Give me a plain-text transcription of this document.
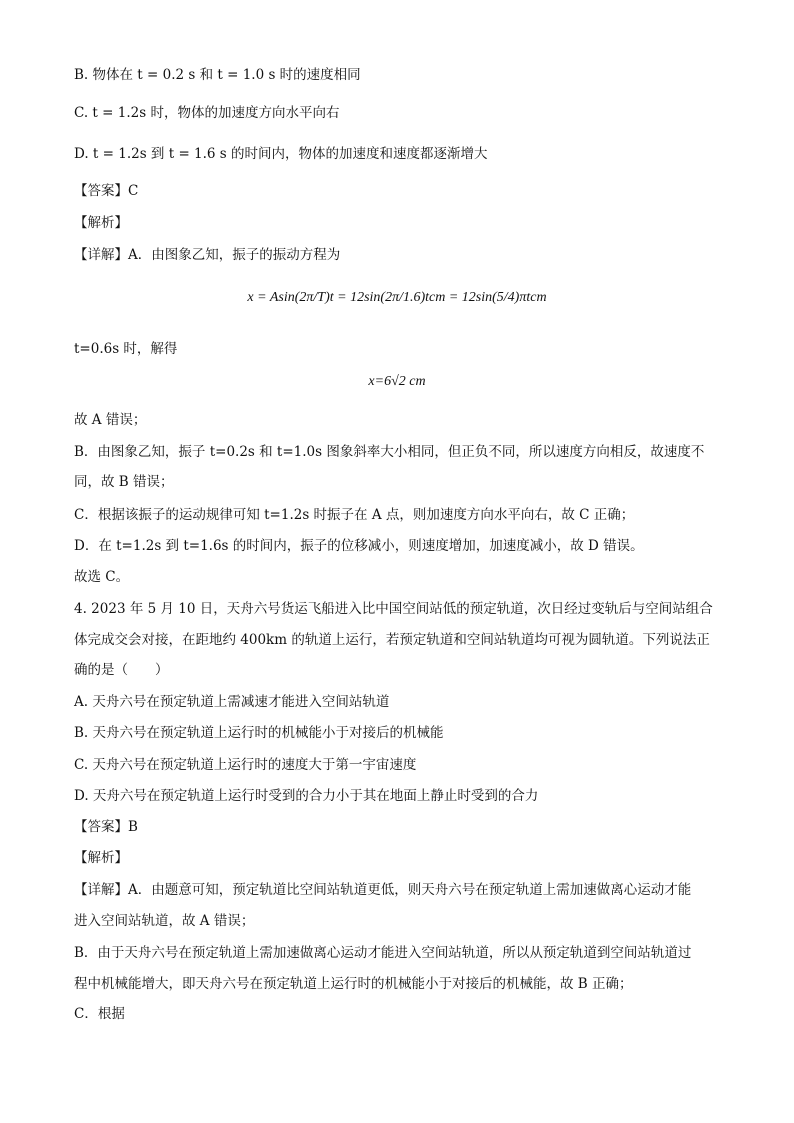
B. 物体在 t = 0.2 s 和 t = 1.0 s 时的速度相同
C. t = 1.2s 时，物体的加速度方向水平向右
D. t = 1.2s 到 t = 1.6 s 的时间内，物体的加速度和速度都逐渐增大
【答案】C
【解析】
【详解】A．由图象乙知，振子的振动方程为
x = Asin(2π/T)t = 12sin(2π/1.6)tcm = 12sin(5/4)πtcm
t=0.6s 时，解得
x=6√2 cm
故 A 错误；
B．由图象乙知，振子 t=0.2s 和 t=1.0s 图象斜率大小相同，但正负不同，所以速度方向相反，故速度不
同，故 B 错误；
C．根据该振子的运动规律可知 t=1.2s 时振子在 A 点，则加速度方向水平向右，故 C 正确；
D．在 t=1.2s 到 t=1.6s 的时间内，振子的位移减小，则速度增加，加速度减小，故 D 错误。
故选 C。
4. 2023 年 5 月 10 日，天舟六号货运飞船进入比中国空间站低的预定轨道，次日经过变轨后与空间站组合
体完成交会对接，在距地约 400km 的轨道上运行，若预定轨道和空间站轨道均可视为圆轨道。下列说法正
确的是（　　）
A. 天舟六号在预定轨道上需减速才能进入空间站轨道
B. 天舟六号在预定轨道上运行时的机械能小于对接后的机械能
C. 天舟六号在预定轨道上运行时的速度大于第一宇宙速度
D. 天舟六号在预定轨道上运行时受到的合力小于其在地面上静止时受到的合力
【答案】B
【解析】
【详解】A．由题意可知，预定轨道比空间站轨道更低，则天舟六号在预定轨道上需加速做离心运动才能
进入空间站轨道，故 A 错误；
B．由于天舟六号在预定轨道上需加速做离心运动才能进入空间站轨道，所以从预定轨道到空间站轨道过
程中机械能增大，即天舟六号在预定轨道上运行时的机械能小于对接后的机械能，故 B 正确；
C．根据
